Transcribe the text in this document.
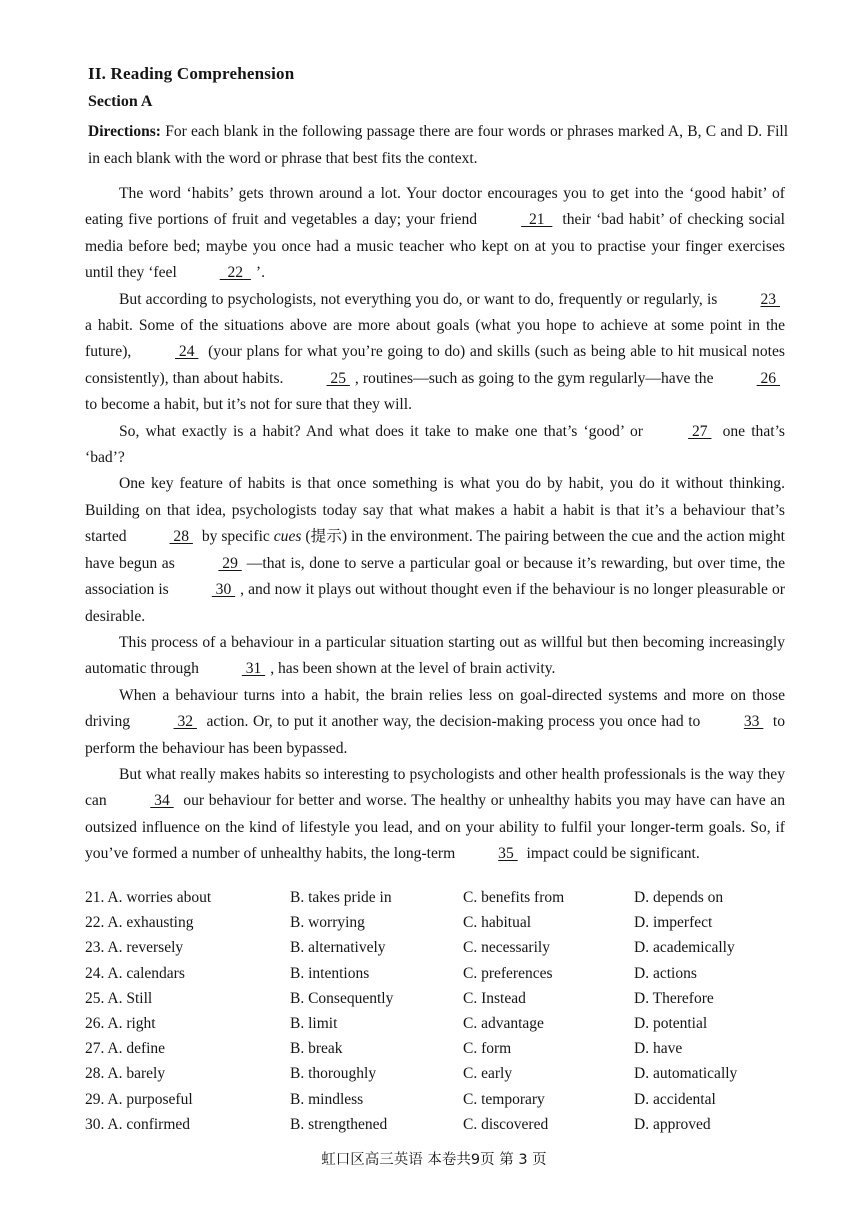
II. Reading Comprehension
Section A
Directions: For each blank in the following passage there are four words or phrases marked A, B, C and D. Fill in each blank with the word or phrase that best fits the context.

The word ‘habits’ gets thrown around a lot. Your doctor encourages you to get into the ‘good habit’ of eating five portions of fruit and vegetables a day; your friend	21   their ‘bad habit’ of checking social media before bed; maybe you once had a music teacher who kept on at you to practise your finger exercises until they ‘feel	22  ’.

But according to psychologists, not everything you do, or want to do, frequently or regularly, is	23  a habit. Some of the situations above are more about goals (what you hope to achieve at some point in the future),	24  (your plans for what you’re going to do) and skills (such as being able to hit musical notes consistently), than about habits.	25 , routines—such as going to the gym regularly—have the	26  to become a habit, but it’s not for sure that they will.

So, what exactly is a habit? And what does it take to make one that’s ‘good’ or	27  one that’s ‘bad’?

One key feature of habits is that once something is what you do by habit, you do it without thinking. Building on that idea, psychologists today say that what makes a habit a habit is that it’s a behaviour that’s started	28  by specific cues (提示) in the environment. The pairing between the cue and the action might have begun as	29 —that is, done to serve a particular goal or because it’s rewarding, but over time, the association is	30 , and now it plays out without thought even if the behaviour is no longer pleasurable or desirable.

This process of a behaviour in a particular situation starting out as willful but then becoming increasingly automatic through	31 , has been shown at the level of brain activity.

When a behaviour turns into a habit, the brain relies less on goal-directed systems and more on those driving	32  action. Or, to put it another way, the decision-making process you once had to	33  to perform the behaviour has been bypassed.

But what really makes habits so interesting to psychologists and other health professionals is the way they can	34  our behaviour for better and worse. The healthy or unhealthy habits you may have can have an outsized influence on the kind of lifestyle you lead, and on your ability to fulfil your longer-term goals. So, if you’ve formed a number of unhealthy habits, the long-term	35  impact could be significant.

21. A. worries about	B. takes pride in	C. benefits from	D. depends on
22. A. exhausting	B. worrying	C. habitual	D. imperfect
23. A. reversely	B. alternatively	C. necessarily	D. academically
24. A. calendars	B. intentions	C. preferences	D. actions
25. A. Still	B. Consequently	C. Instead	D. Therefore
26. A. right	B. limit	C. advantage	D. potential
27. A. define	B. break	C. form	D. have
28. A. barely	B. thoroughly	C. early	D. automatically
29. A. purposeful	B. mindless	C. temporary	D. accidental
30. A. confirmed	B. strengthened	C. discovered	D. approved
虹口区高三英语 本卷共9页 第 3 页
